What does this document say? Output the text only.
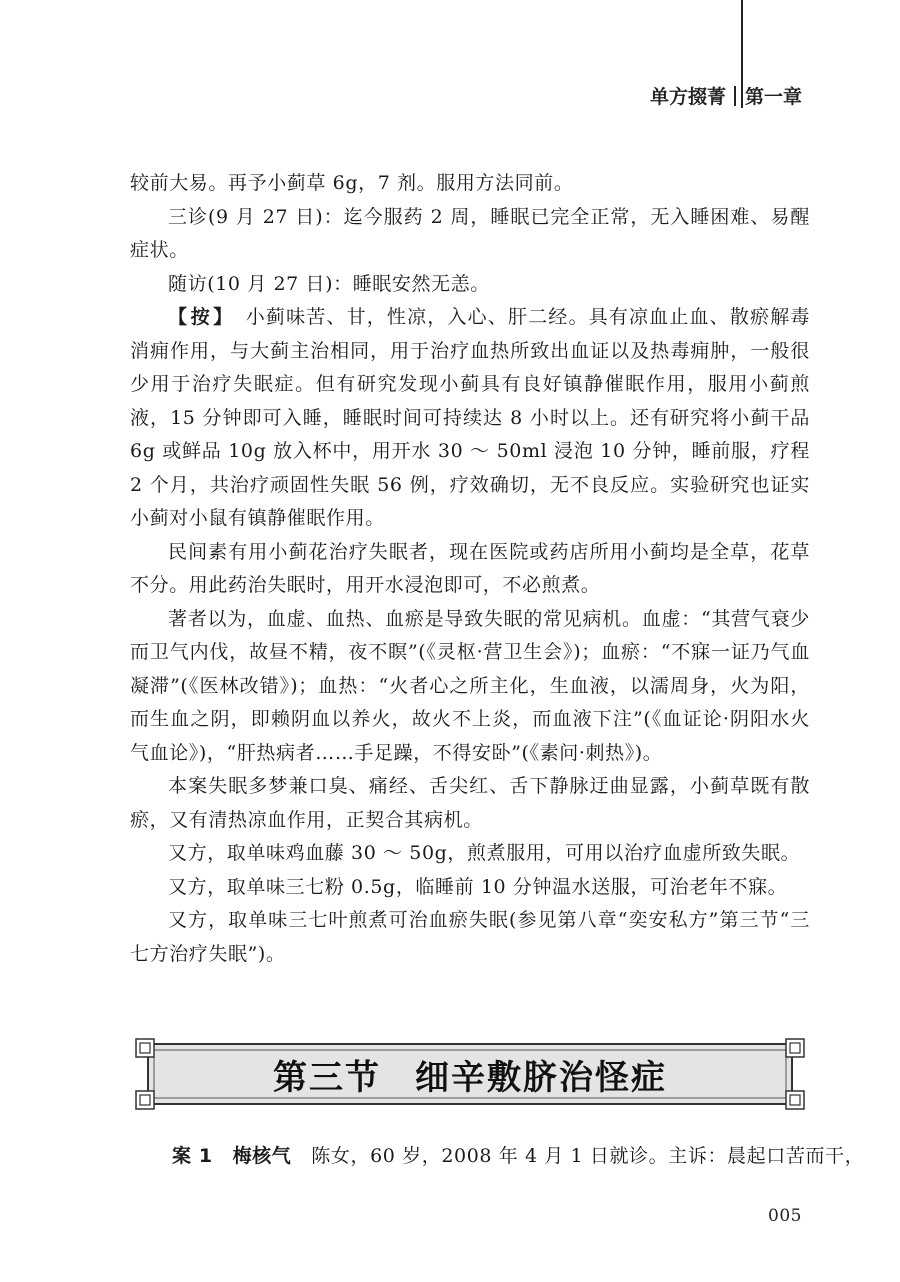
单方掇菁 第一章

较前大易。再予小蓟草 6g，7 剂。服用方法同前。

三诊(9 月 27 日)：迄今服药 2 周，睡眠已完全正常，无入睡困难、易醒症状。

随访(10 月 27 日)：睡眠安然无恙。

【按】 小蓟味苦、甘，性凉，入心、肝二经。具有凉血止血、散瘀解毒消痈作用，与大蓟主治相同，用于治疗血热所致出血证以及热毒痈肿，一般很少用于治疗失眠症。但有研究发现小蓟具有良好镇静催眠作用，服用小蓟煎液，15 分钟即可入睡，睡眠时间可持续达 8 小时以上。还有研究将小蓟干品 6g 或鲜品 10g 放入杯中，用开水 30 ～ 50ml 浸泡 10 分钟，睡前服，疗程 2 个月，共治疗顽固性失眠 56 例，疗效确切，无不良反应。实验研究也证实小蓟对小鼠有镇静催眠作用。

民间素有用小蓟花治疗失眠者，现在医院或药店所用小蓟均是全草，花草不分。用此药治失眠时，用开水浸泡即可，不必煎煮。

著者以为，血虚、血热、血瘀是导致失眠的常见病机。血虚：“其营气衰少而卫气内伐，故昼不精，夜不瞑”(《灵枢·营卫生会》)；血瘀：“不寐一证乃气血凝滞”(《医林改错》)；血热：“火者心之所主化，生血液，以濡周身，火为阳，而生血之阴，即赖阴血以养火，故火不上炎，而血液下注”(《血证论·阴阳水火气血论》)，“肝热病者……手足躁，不得安卧”(《素问·刺热》)。

本案失眠多梦兼口臭、痛经、舌尖红、舌下静脉迂曲显露，小蓟草既有散瘀，又有清热凉血作用，正契合其病机。

又方，取单味鸡血藤 30 ～ 50g，煎煮服用，可用以治疗血虚所致失眠。

又方，取单味三七粉 0.5g，临睡前 10 分钟温水送服，可治老年不寐。

又方，取单味三七叶煎煮可治血瘀失眠(参见第八章“奕安私方”第三节“三七方治疗失眠”)。

第三节 细辛敷脐治怪症
案 1 梅核气 陈女，60 岁，2008 年 4 月 1 日就诊。主诉：晨起口苦而干，
005
